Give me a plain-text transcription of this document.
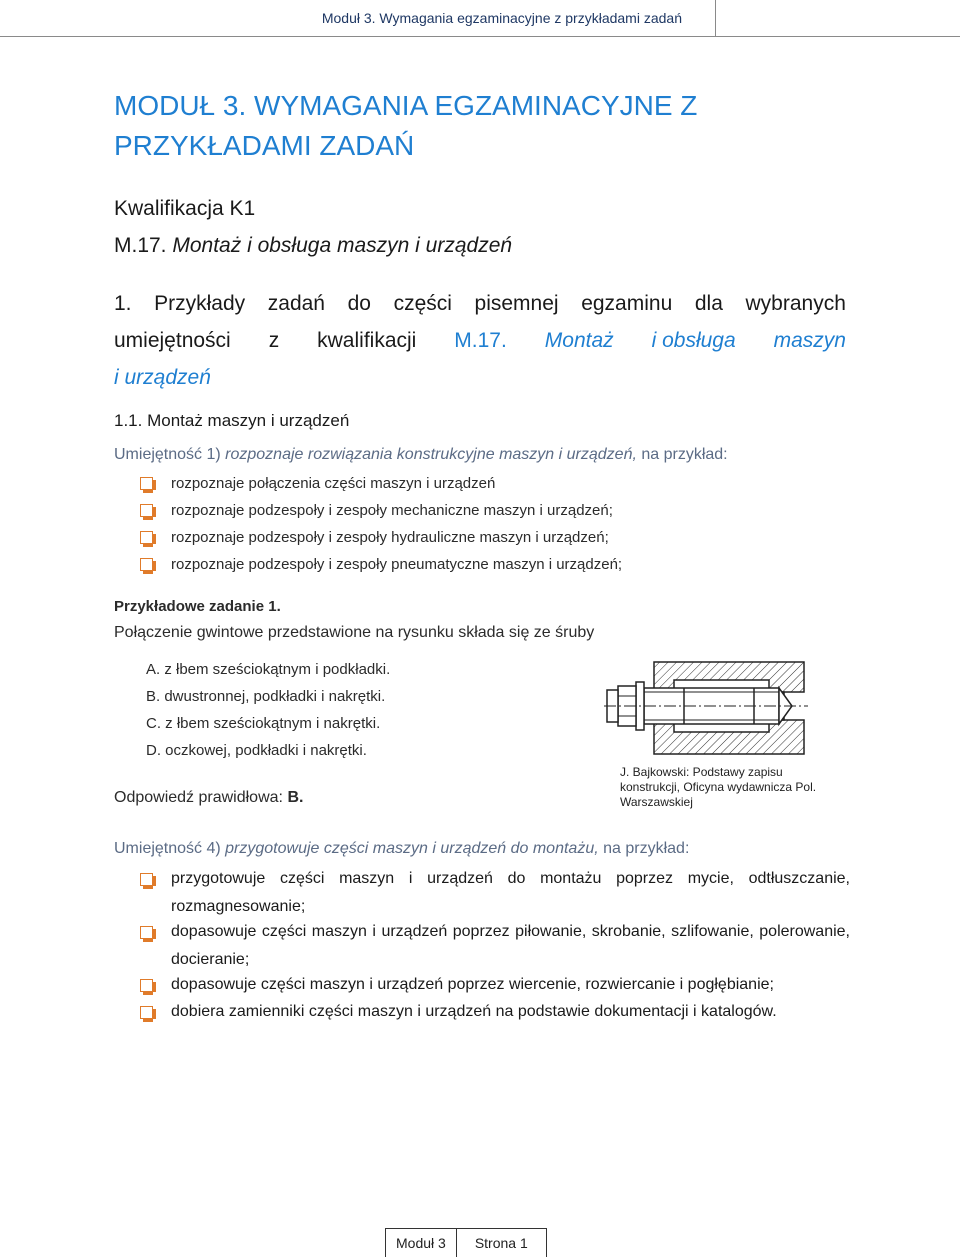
Moduł 3. Wymagania egzaminacyjne z przykładami zadań
MODUŁ 3. WYMAGANIA EGZAMINACYJNE Z PRZYKŁADAMI ZADAŃ
Kwalifikacja K1
M.17. Montaż i obsługa maszyn i urządzeń
1. Przykłady zadań do części pisemnej egzaminu dla wybranych
umiejętności z kwalifikacji M.17. Montaż i obsługa maszyn
i urządzeń
1.1. Montaż maszyn i urządzeń
Umiejętność 1) rozpoznaje rozwiązania konstrukcyjne maszyn i urządzeń, na przykład:
rozpoznaje połączenia części maszyn i urządzeń
rozpoznaje podzespoły i zespoły mechaniczne maszyn i urządzeń;
rozpoznaje podzespoły i zespoły hydrauliczne maszyn i urządzeń;
rozpoznaje podzespoły i zespoły pneumatyczne maszyn i urządzeń;
Przykładowe zadanie 1.
Połączenie gwintowe przedstawione na rysunku składa się ze śruby
A. z łbem sześciokątnym i podkładki.
B. dwustronnej, podkładki i nakrętki.
C. z łbem sześciokątnym i nakrętki.
D. oczkowej, podkładki i nakrętki.
Odpowiedź prawidłowa: B.
J. Bajkowski: Podstawy zapisu konstrukcji, Oficyna wydawnicza Pol. Warszawskiej
Umiejętność 4) przygotowuje części maszyn i urządzeń do montażu, na przykład:
przygotowuje części maszyn i urządzeń do montażu poprzez mycie, odtłuszczanie, rozmagnesowanie;
dopasowuje części maszyn i urządzeń poprzez piłowanie, skrobanie, szlifowanie, polerowanie, docieranie;
dopasowuje części maszyn i urządzeń poprzez wiercenie, rozwiercanie i pogłębianie;
dobiera zamienniki części maszyn i urządzeń na podstawie dokumentacji i katalogów.
Moduł 3	Strona 1
